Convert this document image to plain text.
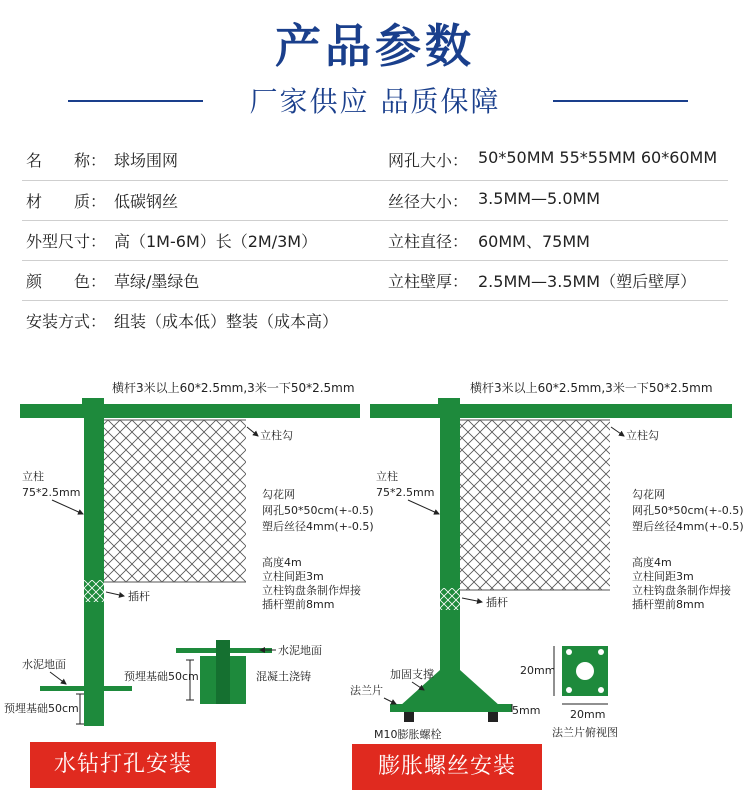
产品参数
厂家供应 品质保障
名　　称： 球场围网	网孔大小： 50*50MM 55*55MM 60*60MM
材　　质： 低碳钢丝	丝径大小： 3.5MM—5.0MM
外型尺寸： 高（1M-6M）长（2M/3M）	立柱直径： 60MM、75MM
颜　　色： 草绿/墨绿色	立柱壁厚： 2.5MM—3.5MM（塑后壁厚）
安装方式： 组装（成本低）整装（成本高）
横杆3米以上60*2.5mm,3米一下50*2.5mm
立柱勾
立柱
75*2.5mm	勾花网
网孔50*50cm(+-0.5)
塑后丝径4mm(+-0.5)
高度4m
立柱间距3m
立柱钩盘条制作焊接
插杆塑前8mm
插杆
水泥地面
预埋基础50cm
水泥地面
预埋基础50cm	混凝土浇铸
横杆3米以上60*2.5mm,3米一下50*2.5mm
立柱勾
立柱
75*2.5mm	勾花网
网孔50*50cm(+-0.5)
塑后丝径4mm(+-0.5)
高度4m
立柱间距3m
立柱钩盘条制作焊接
插杆塑前8mm
插杆
加固支撑
法兰片
M10膨胀螺栓
5mm
20mm
20mm
法兰片俯视图
水钻打孔安装	膨胀螺丝安装
